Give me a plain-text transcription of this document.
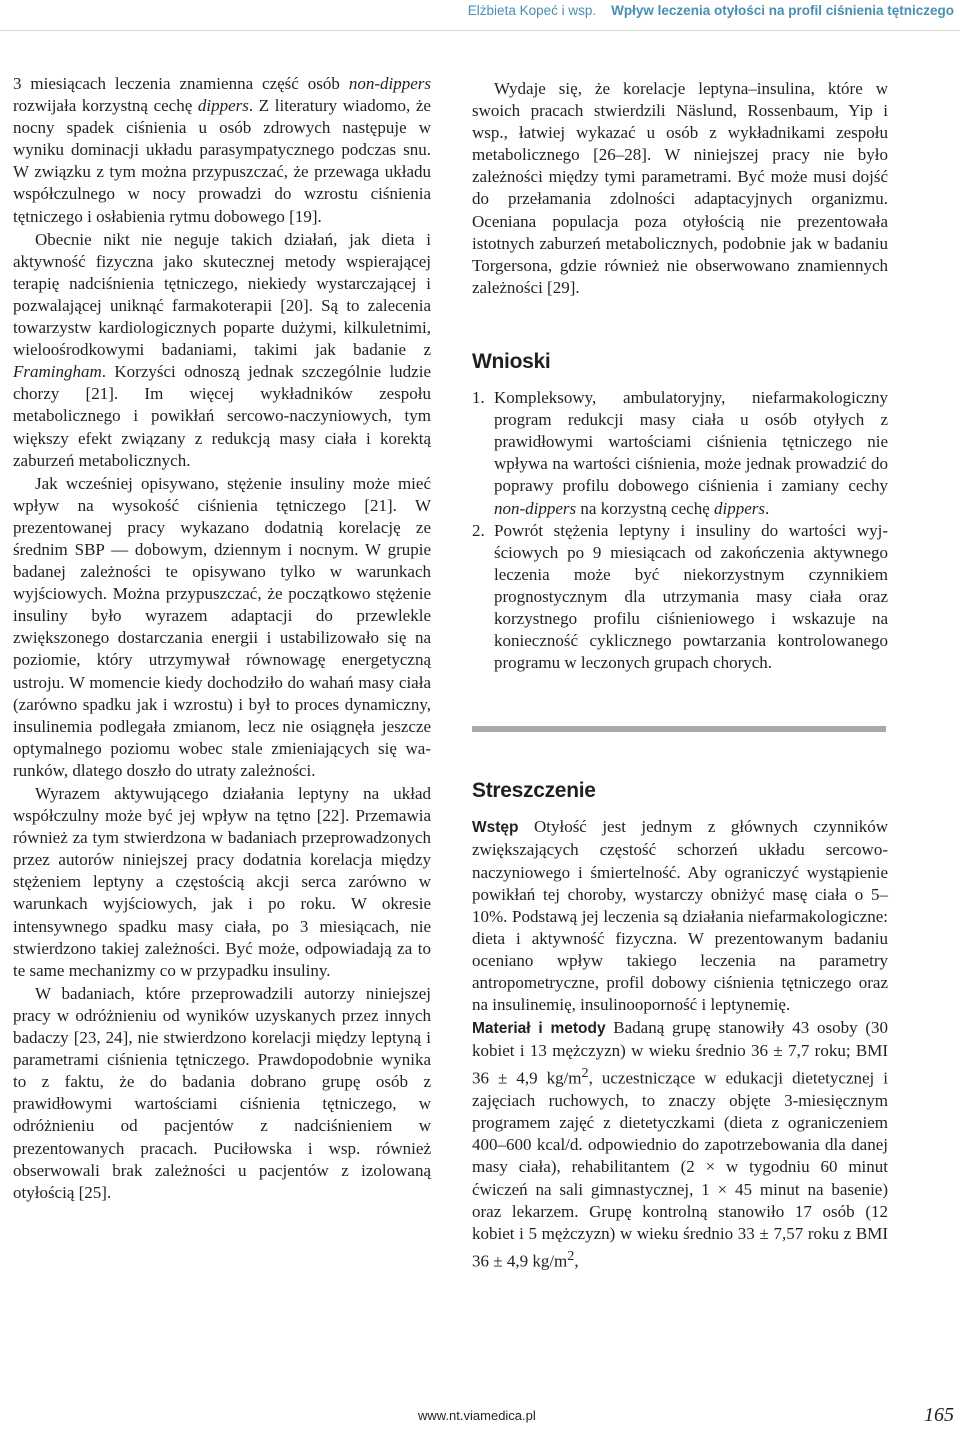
Elżbieta Kopeć i wsp. Wpływ leczenia otyłości na profil ciśnienia tętniczego

3 miesiącach leczenia znamienna część osób non-dippers rozwijała korzystną cechę dippers. Z literatury wiadomo, że nocny spadek ciśnienia u osób zdrowych następuje w wyniku dominacji układu parasympatycznego podczas snu. W związku z tym można przypuszczać, że przewaga układu współczulnego w nocy prowadzi do wzrostu ciśnienia tętniczego i osłabienia rytmu dobowego [19].

Obecnie nikt nie neguje takich działań, jak dieta i aktywność fizyczna jako skutecznej metody wspierającej terapię nadciśnienia tętniczego, niekiedy wystarczającej i pozwalającej uniknąć farmakoterapii [20]. Są to zalecenia towarzystw kardiologicznych poparte dużymi, kilkuletnimi, wieloośrodkowymi badaniami, takimi jak badanie z Framingham. Korzyści odnoszą jednak szczególnie ludzie chorzy [21]. Im więcej wykładników zespołu metabolicznego i powikłań sercowo-naczyniowych, tym większy efekt związany z redukcją masy ciała i korektą zaburzeń metabolicznych.

Jak wcześniej opisywano, stężenie insuliny może mieć wpływ na wysokość ciśnienia tętniczego [21]. W prezentowanej pracy wykazano dodatnią korelację ze średnim SBP — dobowym, dziennym i nocnym. W grupie badanej zależności te opisywano tylko w warunkach wyjściowych. Można przypuszczać, że początkowo stężenie insuliny było wyrazem adaptacji do przewlekle zwiększonego dostarczania energii i ustabilizowało się na poziomie, który utrzymywał równowagę energetyczną ustroju. W momencie kiedy dochodziło do wahań masy ciała (zarówno spadku jak i wzrostu) i był to proces dynamiczny, insulinemia podlegała zmianom, lecz nie osiągnęła jeszcze optymalnego poziomu wobec stale zmieniających się warunków, dlatego doszło do utraty zależności.

Wyrazem aktywującego działania leptyny na układ współczulny może być jej wpływ na tętno [22]. Przemawia również za tym stwierdzona w badaniach przeprowadzonych przez autorów niniejszej pracy dodatnia korelacja między stężeniem leptyny a częstością akcji serca zarówno w warunkach wyjściowych, jak i po roku. W okresie intensywnego spadku masy ciała, po 3 miesiącach, nie stwierdzono takiej zależności. Być może, odpowiadają za to te same mechanizmy co w przypadku insuliny.

W badaniach, które przeprowadzili autorzy niniejszej pracy w odróżnieniu od wyników uzyskanych przez innych badaczy [23, 24], nie stwierdzono korelacji między leptyną i parametrami ciśnienia tętniczego. Prawdopodobnie wynika to z faktu, że do badania dobrano grupę osób z prawidłowymi wartościami ciśnienia tętniczego, w odróżnieniu od pacjentów z nadciśnieniem w prezentowanych pracach. Puciłowska i wsp. również obserwowali brak zależności u pacjentów z izolowaną otyłością [25].

Wydaje się, że korelacje leptyna–insulina, które w swoich pracach stwierdzili Näslund, Rossenbaum, Yip i wsp., łatwiej wykazać u osób z wykładnikami zespołu metabolicznego [26–28]. W niniejszej pracy nie było zależności między tymi parametrami. Być może musi dojść do przełamania zdolności adaptacyjnych organizmu. Oceniana populacja poza otyłością nie prezentowała istotnych zaburzeń metabolicznych, podobnie jak w badaniu Torgersona, gdzie również nie obserwowano znamiennych zależności [29].

Wnioski
1. Kompleksowy, ambulatoryjny, niefarmakologiczny program redukcji masy ciała u osób otyłych z prawidłowymi wartościami ciśnienia tętniczego nie wpływa na wartości ciśnienia, może jednak prowadzić do poprawy profilu dobowego ciśnienia i zamiany cechy non-dippers na korzystną cechę dippers.
2. Powrót stężenia leptyny i insuliny do wartości wyjściowych po 9 miesiącach od zakończenia aktywnego leczenia może być niekorzystnym czynnikiem prognostycznym dla utrzymania masy ciała oraz korzystnego profilu ciśnieniowego i wskazuje na konieczność cyklicznego powtarzania kontrolowanego programu w leczonych grupach chorych.
Streszczenie

Wstęp Otyłość jest jednym z głównych czynników zwiększających częstość schorzeń układu sercowo-naczyniowego i śmiertelność. Aby ograniczyć wystąpienie powikłań tej choroby, wystarczy obniżyć masę ciała o 5–10%. Podstawą jej leczenia są działania niefarmakologiczne: dieta i aktywność fizyczna. W prezentowanym badaniu oceniano wpływ takiego leczenia na parametry antropometryczne, profil dobowy ciśnienia tętniczego oraz na insulinemię, insulinooporność i leptynemię.

Materiał i metody Badaną grupę stanowiły 43 osoby (30 kobiet i 13 mężczyzn) w wieku średnio 36 ± 7,7 roku; BMI 36 ± 4,9 $kg/m^2$, uczestniczące w edukacji dietetycznej i zajęciach ruchowych, to znaczy objęte 3-miesięcznym programem zajęć z dietetyczkami (dieta z ograniczeniem 400–600 kcal/d. odpowiednio do zapotrzebowania dla danej masy ciała), rehabilitantem (2 × w tygodniu 60 minut ćwiczeń na sali gimnastycznej, 1 × 45 minut na basenie) oraz lekarzem. Grupę kontrolną stanowiło 17 osób (12 kobiet i 5 mężczyzn) w wieku średnio 33 ± 7,57 roku z BMI 36 ± 4,9 $kg/m^2$,

www.nt.viamedica.pl	165
